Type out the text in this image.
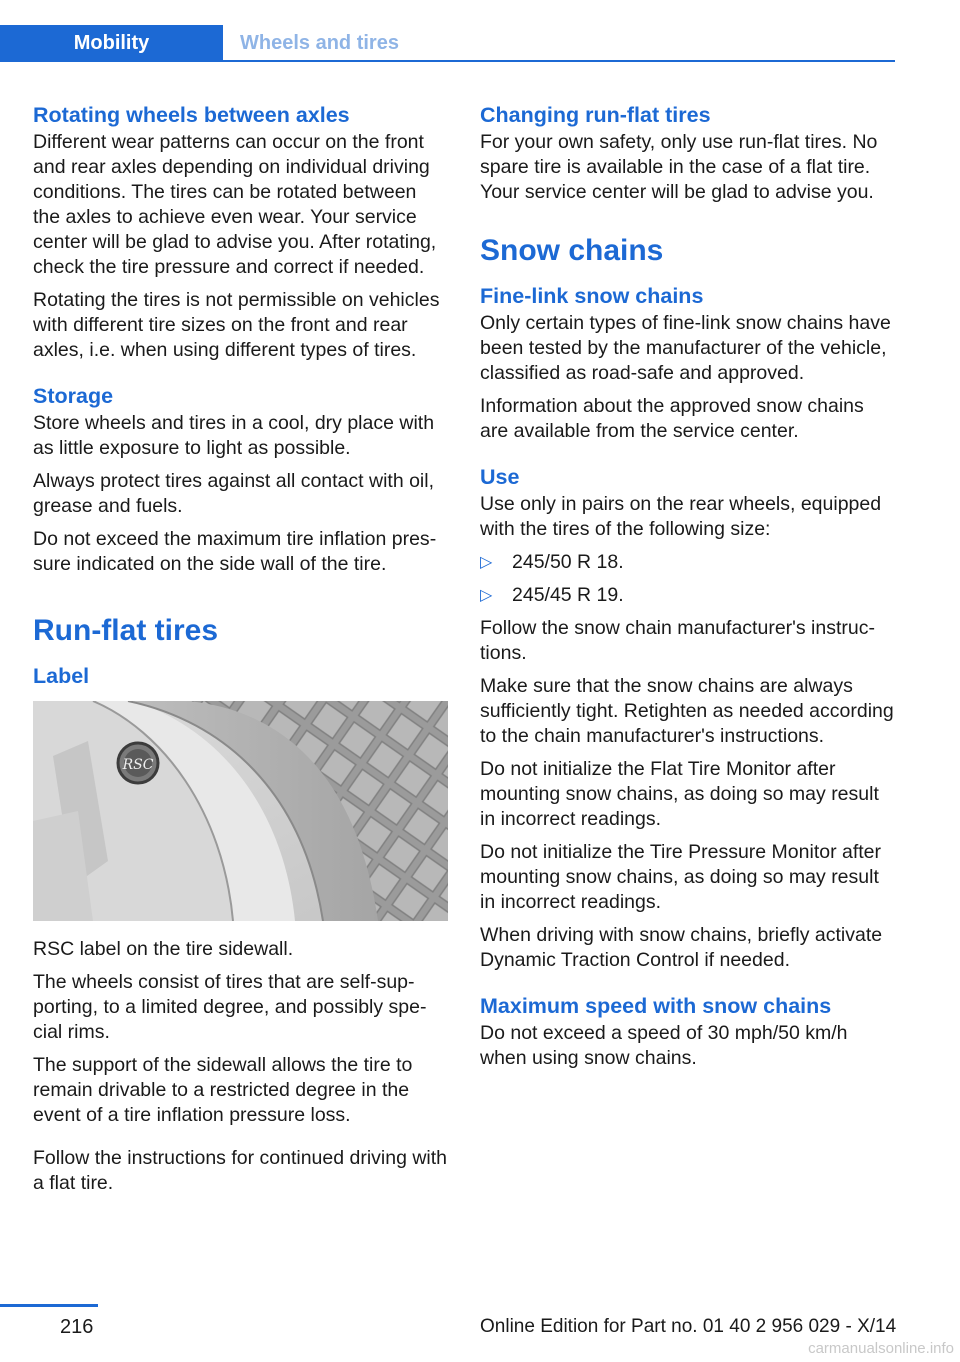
Mobility	Wheels and tires
Rotating wheels between axles

Different wear patterns can occur on the front and rear axles depending on individual driving conditions. The tires can be rotated between the axles to achieve even wear. Your service center will be glad to advise you. After rotating, check the tire pressure and correct if needed.

Rotating the tires is not permissible on vehicles with different tire sizes on the front and rear axles, i.e. when using different types of tires.

Storage

Store wheels and tires in a cool, dry place with as little exposure to light as possible.

Always protect tires against all contact with oil, grease and fuels.

Do not exceed the maximum tire inflation pressure indicated on the side wall of the tire.

Run-flat tires
Label
RSC

RSC label on the tire sidewall.

The wheels consist of tires that are self-supporting, to a limited degree, and possibly special rims.

The support of the sidewall allows the tire to remain drivable to a restricted degree in the event of a tire inflation pressure loss.

Follow the instructions for continued driving with a flat tire.

Changing run-flat tires

For your own safety, only use run-flat tires. No spare tire is available in the case of a flat tire. Your service center will be glad to advise you.

Snow chains
Fine-link snow chains

Only certain types of fine-link snow chains have been tested by the manufacturer of the vehicle, classified as road-safe and approved.

Information about the approved snow chains are available from the service center.

Use

Use only in pairs on the rear wheels, equipped with the tires of the following size:

▷ 245/50 R 18.
▷ 245/45 R 19.

Follow the snow chain manufacturer's instructions.

Make sure that the snow chains are always sufficiently tight. Retighten as needed according to the chain manufacturer's instructions.

Do not initialize the Flat Tire Monitor after mounting snow chains, as doing so may result in incorrect readings.

Do not initialize the Tire Pressure Monitor after mounting snow chains, as doing so may result in incorrect readings.

When driving with snow chains, briefly activate Dynamic Traction Control if needed.

Maximum speed with snow chains

Do not exceed a speed of 30 mph/50 km/h when using snow chains.

216	Online Edition for Part no. 01 40 2 956 029 - X/14
carmanualsonline.info
